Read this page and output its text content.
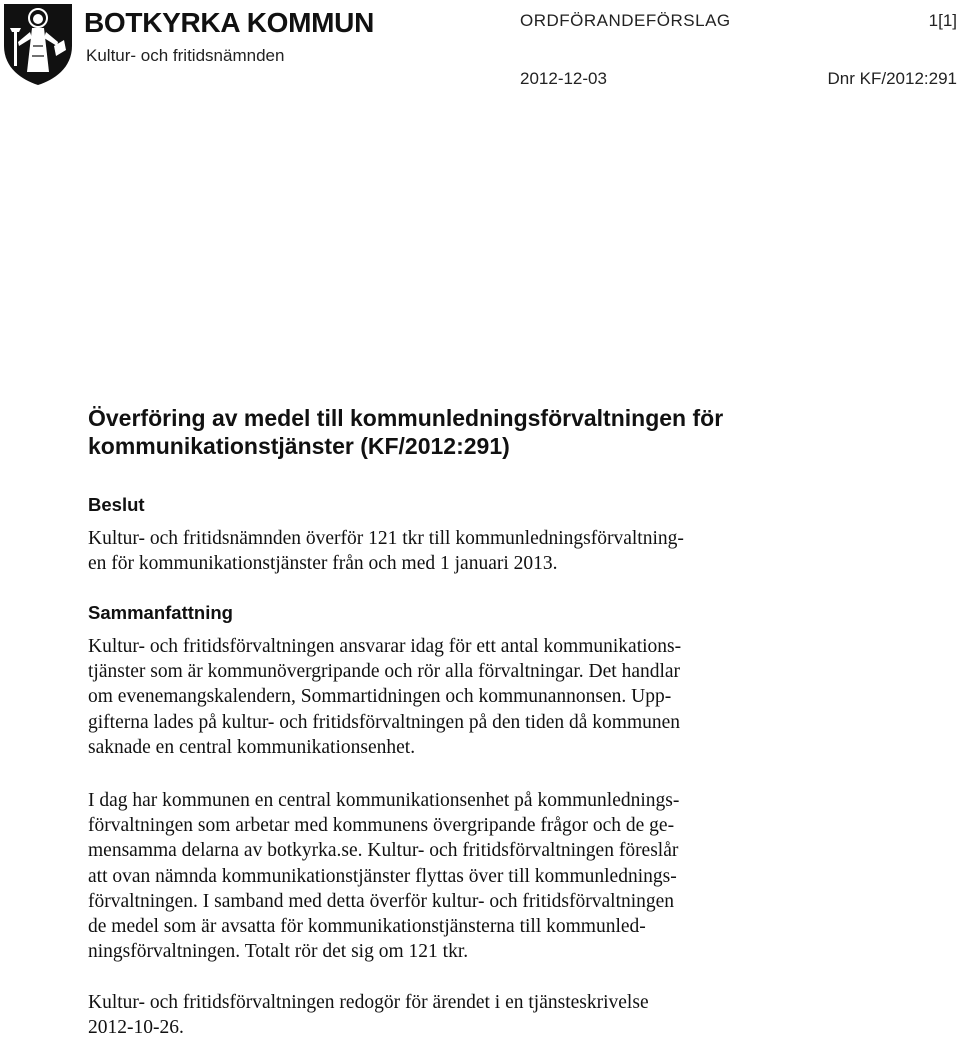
BOTKYRKA KOMMUN
Kultur- och fritidsnämnden
ORDFÖRANDEFÖRSLAG	1[1]
2012-12-03	Dnr KF/2012:291
Överföring av medel till kommunledningsförvaltningen för
kommunikationstjänster (KF/2012:291)
Beslut
Kultur- och fritidsnämnden överför 121 tkr till kommunledningsförvaltning-
en för kommunikationstjänster från och med 1 januari 2013.
Sammanfattning
Kultur- och fritidsförvaltningen ansvarar idag för ett antal kommunikations-
tjänster som är kommunövergripande och rör alla förvaltningar. Det handlar
om evenemangskalendern, Sommartidningen och kommunannonsen. Upp-
gifterna lades på kultur- och fritidsförvaltningen på den tiden då kommunen
saknade en central kommunikationsenhet.
I dag har kommunen en central kommunikationsenhet på kommunlednings-
förvaltningen som arbetar med kommunens övergripande frågor och de ge-
mensamma delarna av botkyrka.se. Kultur- och fritidsförvaltningen föreslår
att ovan nämnda kommunikationstjänster flyttas över till kommunlednings-
förvaltningen. I samband med detta överför kultur- och fritidsförvaltningen
de medel som är avsatta för kommunikationstjänsterna till kommunled-
ningsförvaltningen. Totalt rör det sig om 121 tkr.
Kultur- och fritidsförvaltningen redogör för ärendet i en tjänsteskrivelse
2012-10-26.
